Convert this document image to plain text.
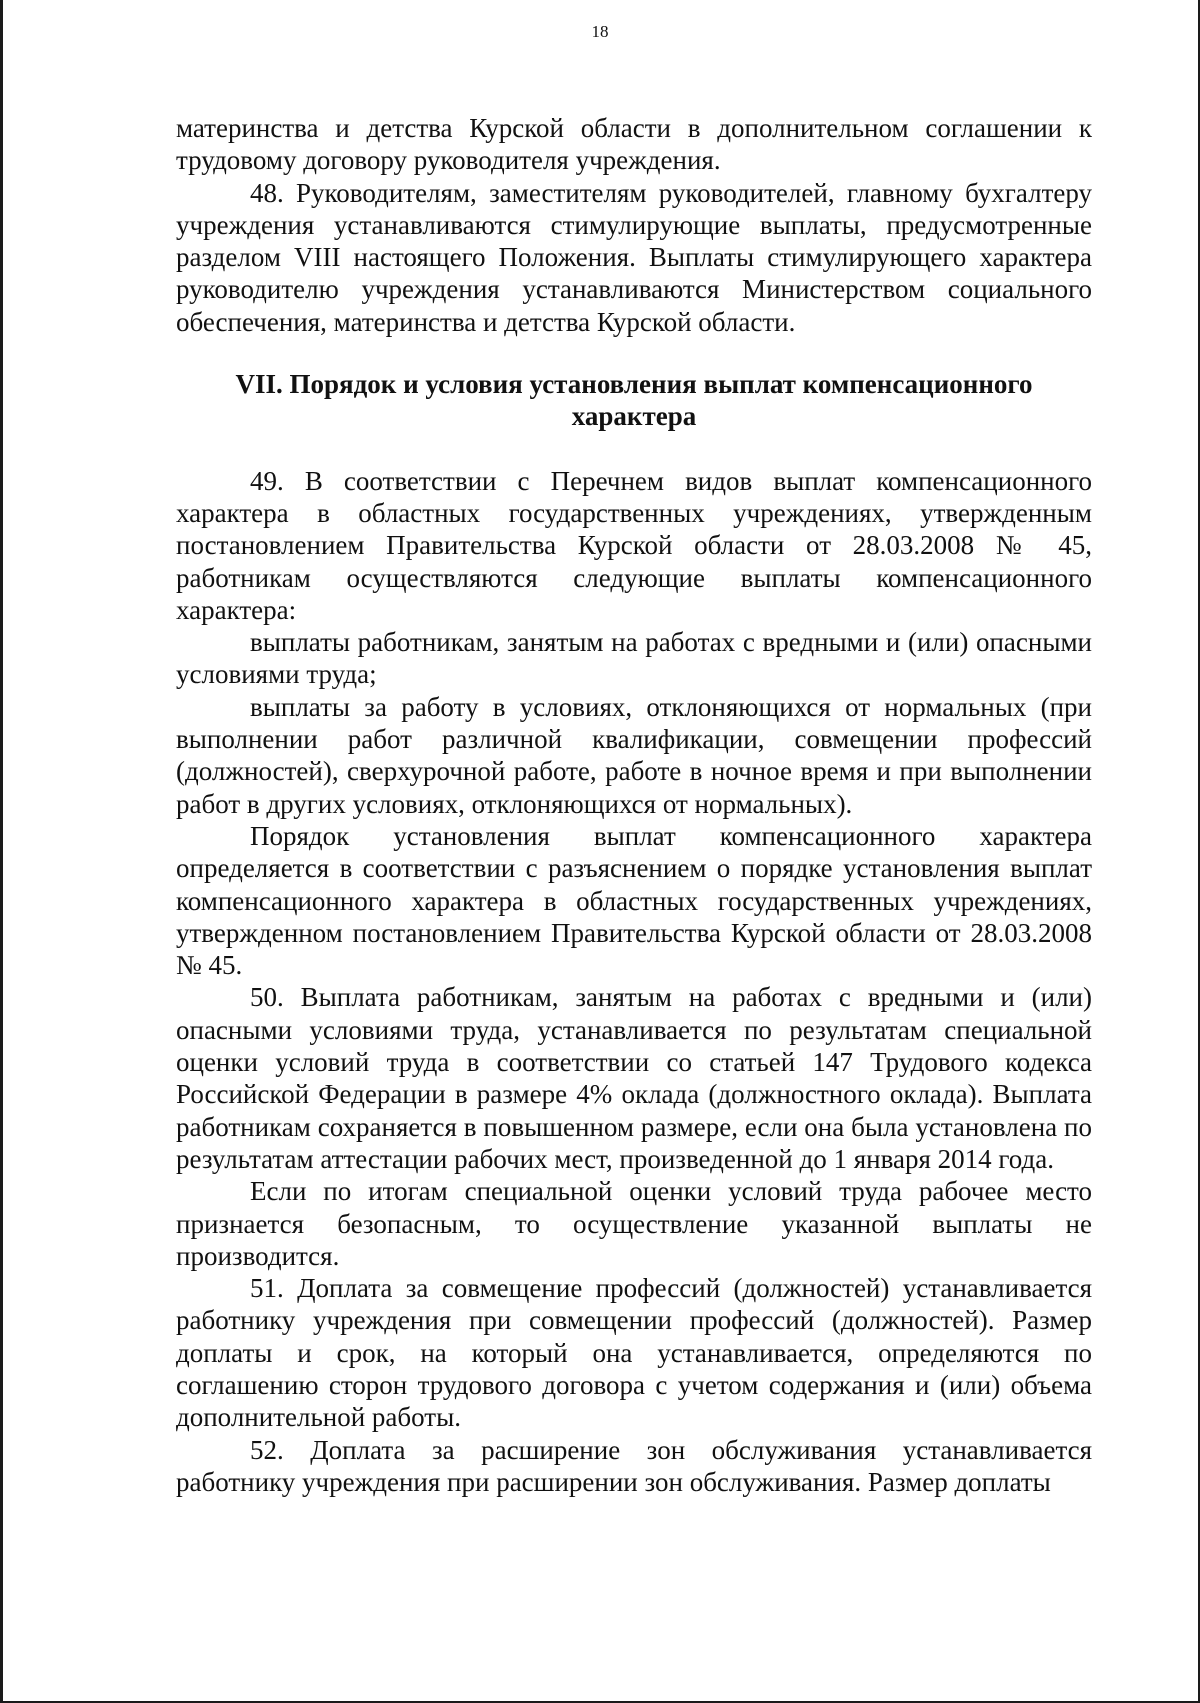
18

материнства и детства Курской области в дополнительном соглашении к трудовому договору руководителя учреждения.

48. Руководителям, заместителям руководителей, главному бухгалтеру учреждения устанавливаются стимулирующие выплаты, предусмотренные разделом VIII настоящего Положения. Выплаты стимулирующего характера руководителю учреждения устанавливаются Министерством социального обеспечения, материнства и детства Курской области.

VII. Порядок и условия установления выплат компенсационного характера

49. В соответствии с Перечнем видов выплат компенсационного характера в областных государственных учреждениях, утвержденным постановлением Правительства Курской области от 28.03.2008 № 45, работникам осуществляются следующие выплаты компенсационного характера:

выплаты работникам, занятым на работах с вредными и (или) опасными условиями труда;

выплаты за работу в условиях, отклоняющихся от нормальных (при выполнении работ различной квалификации, совмещении профессий (должностей), сверхурочной работе, работе в ночное время и при выполнении работ в других условиях, отклоняющихся от нормальных).

Порядок установления выплат компенсационного характера определяется в соответствии с разъяснением о порядке установления выплат компенсационного характера в областных государственных учреждениях, утвержденном постановлением Правительства Курской области от 28.03.2008 № 45.

50. Выплата работникам, занятым на работах с вредными и (или) опасными условиями труда, устанавливается по результатам специальной оценки условий труда в соответствии со статьей 147 Трудового кодекса Российской Федерации в размере 4% оклада (должностного оклада). Выплата работникам сохраняется в повышенном размере, если она была установлена по результатам аттестации рабочих мест, произведенной до 1 января 2014 года.

Если по итогам специальной оценки условий труда рабочее место признается безопасным, то осуществление указанной выплаты не производится.

51. Доплата за совмещение профессий (должностей) устанавливается работнику учреждения при совмещении профессий (должностей). Размер доплаты и срок, на который она устанавливается, определяются по соглашению сторон трудового договора с учетом содержания и (или) объема дополнительной работы.

52. Доплата за расширение зон обслуживания устанавливается работнику учреждения при расширении зон обслуживания. Размер доплаты
